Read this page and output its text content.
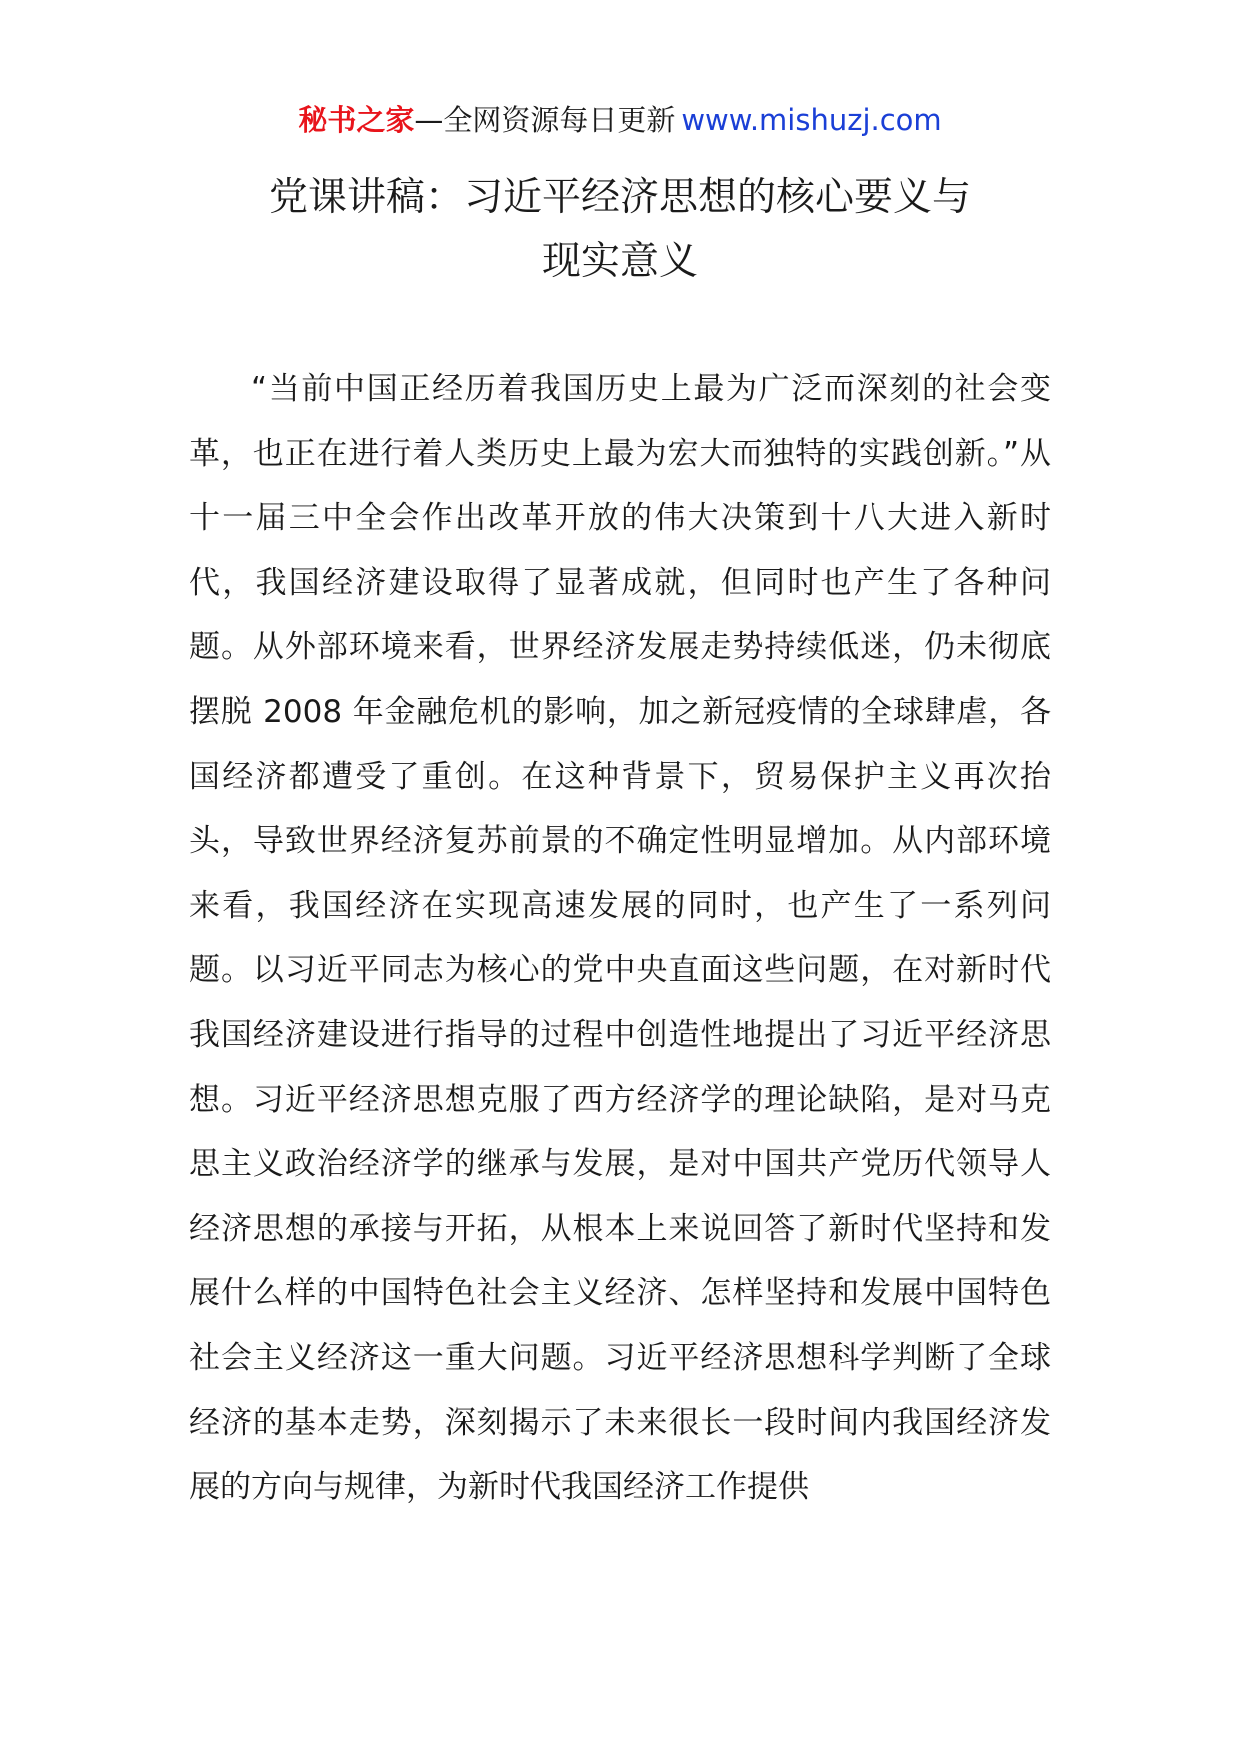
秘书之家—全网资源每日更新 www.mishuzj.com
党课讲稿：习近平经济思想的核心要义与
现实意义

“当前中国正经历着我国历史上最为广泛而深刻的社会变革，也正在进行着人类历史上最为宏大而独特的实践创新。”从十一届三中全会作出改革开放的伟大决策到十八大进入新时代，我国经济建设取得了显著成就，但同时也产生了各种问题。从外部环境来看，世界经济发展走势持续低迷，仍未彻底摆脱 2008 年金融危机的影响，加之新冠疫情的全球肆虐，各国经济都遭受了重创。在这种背景下，贸易保护主义再次抬头，导致世界经济复苏前景的不确定性明显增加。从内部环境来看，我国经济在实现高速发展的同时，也产生了一系列问题。以习近平同志为核心的党中央直面这些问题，在对新时代我国经济建设进行指导的过程中创造性地提出了习近平经济思想。习近平经济思想克服了西方经济学的理论缺陷，是对马克思主义政治经济学的继承与发展，是对中国共产党历代领导人经济思想的承接与开拓，从根本上来说回答了新时代坚持和发展什么样的中国特色社会主义经济、怎样坚持和发展中国特色社会主义经济这一重大问题。习近平经济思想科学判断了全球经济的基本走势，深刻揭示了未来很长一段时间内我国经济发展的方向与规律，为新时代我国经济工作提供
